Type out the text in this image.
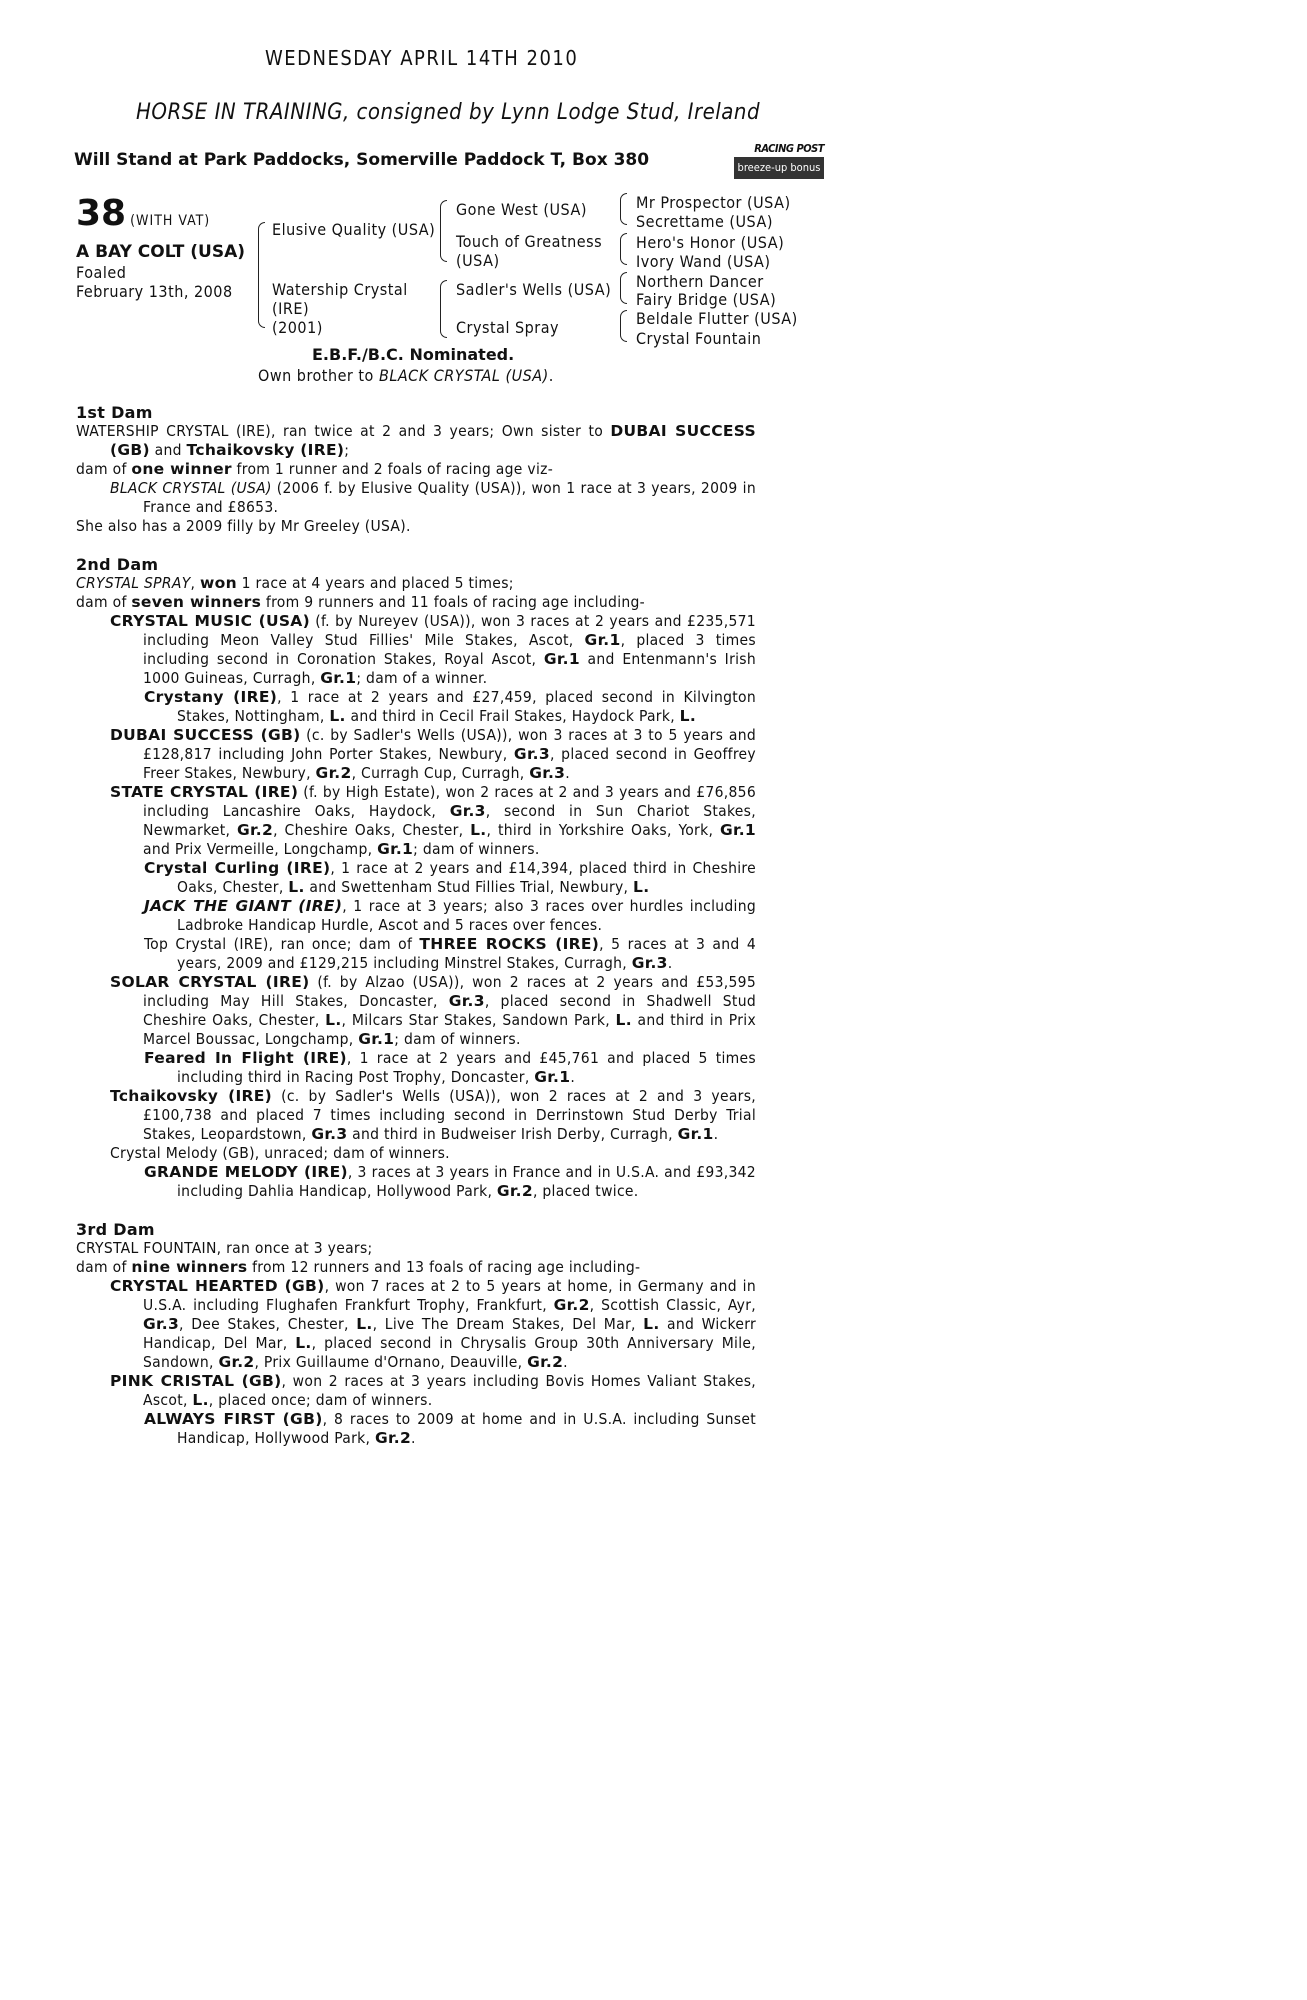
WEDNESDAY APRIL 14TH 2010
HORSE IN TRAINING, consigned by Lynn Lodge Stud, Ireland
Will Stand at Park Paddocks, Somerville Paddock T, Box 380
RACING POST
breeze-up bonus
38 (WITH VAT)
A BAY COLT (USA)
Foaled
February 13th, 2008
Elusive Quality (USA)
Watership Crystal
(IRE)
(2001)
Gone West (USA)
Touch of Greatness
(USA)
Sadler's Wells (USA)
Crystal Spray
Mr Prospector (USA)
Secrettame (USA)
Hero's Honor (USA)
Ivory Wand (USA)
Northern Dancer
Fairy Bridge (USA)
Beldale Flutter (USA)
Crystal Fountain
E.B.F./B.C. Nominated.
Own brother to BLACK CRYSTAL (USA).
1st Dam
WATERSHIP CRYSTAL (IRE), ran twice at 2 and 3 years; Own sister to DUBAI SUCCESS (GB) and Tchaikovsky (IRE);
dam of one winner from 1 runner and 2 foals of racing age viz-
BLACK CRYSTAL (USA) (2006 f. by Elusive Quality (USA)), won 1 race at 3 years, 2009 in France and £8653.
She also has a 2009 filly by Mr Greeley (USA).
2nd Dam
CRYSTAL SPRAY, won 1 race at 4 years and placed 5 times;
dam of seven winners from 9 runners and 11 foals of racing age including-
CRYSTAL MUSIC (USA) (f. by Nureyev (USA)), won 3 races at 2 years and £235,571 including Meon Valley Stud Fillies' Mile Stakes, Ascot, Gr.1, placed 3 times including second in Coronation Stakes, Royal Ascot, Gr.1 and Entenmann's Irish 1000 Guineas, Curragh, Gr.1; dam of a winner.
Crystany (IRE), 1 race at 2 years and £27,459, placed second in Kilvington Stakes, Nottingham, L. and third in Cecil Frail Stakes, Haydock Park, L.
DUBAI SUCCESS (GB) (c. by Sadler's Wells (USA)), won 3 races at 3 to 5 years and £128,817 including John Porter Stakes, Newbury, Gr.3, placed second in Geoffrey Freer Stakes, Newbury, Gr.2, Curragh Cup, Curragh, Gr.3.
STATE CRYSTAL (IRE) (f. by High Estate), won 2 races at 2 and 3 years and £76,856 including Lancashire Oaks, Haydock, Gr.3, second in Sun Chariot Stakes, Newmarket, Gr.2, Cheshire Oaks, Chester, L., third in Yorkshire Oaks, York, Gr.1 and Prix Vermeille, Longchamp, Gr.1; dam of winners.
Crystal Curling (IRE), 1 race at 2 years and £14,394, placed third in Cheshire Oaks, Chester, L. and Swettenham Stud Fillies Trial, Newbury, L.
JACK THE GIANT (IRE), 1 race at 3 years; also 3 races over hurdles including Ladbroke Handicap Hurdle, Ascot and 5 races over fences.
Top Crystal (IRE), ran once; dam of THREE ROCKS (IRE), 5 races at 3 and 4 years, 2009 and £129,215 including Minstrel Stakes, Curragh, Gr.3.
SOLAR CRYSTAL (IRE) (f. by Alzao (USA)), won 2 races at 2 years and £53,595 including May Hill Stakes, Doncaster, Gr.3, placed second in Shadwell Stud Cheshire Oaks, Chester, L., Milcars Star Stakes, Sandown Park, L. and third in Prix Marcel Boussac, Longchamp, Gr.1; dam of winners.
Feared In Flight (IRE), 1 race at 2 years and £45,761 and placed 5 times including third in Racing Post Trophy, Doncaster, Gr.1.
Tchaikovsky (IRE) (c. by Sadler's Wells (USA)), won 2 races at 2 and 3 years, £100,738 and placed 7 times including second in Derrinstown Stud Derby Trial Stakes, Leopardstown, Gr.3 and third in Budweiser Irish Derby, Curragh, Gr.1.
Crystal Melody (GB), unraced; dam of winners.
GRANDE MELODY (IRE), 3 races at 3 years in France and in U.S.A. and £93,342 including Dahlia Handicap, Hollywood Park, Gr.2, placed twice.
3rd Dam
CRYSTAL FOUNTAIN, ran once at 3 years;
dam of nine winners from 12 runners and 13 foals of racing age including-
CRYSTAL HEARTED (GB), won 7 races at 2 to 5 years at home, in Germany and in U.S.A. including Flughafen Frankfurt Trophy, Frankfurt, Gr.2, Scottish Classic, Ayr, Gr.3, Dee Stakes, Chester, L., Live The Dream Stakes, Del Mar, L. and Wickerr Handicap, Del Mar, L., placed second in Chrysalis Group 30th Anniversary Mile, Sandown, Gr.2, Prix Guillaume d'Ornano, Deauville, Gr.2.
PINK CRISTAL (GB), won 2 races at 3 years including Bovis Homes Valiant Stakes, Ascot, L., placed once; dam of winners.
ALWAYS FIRST (GB), 8 races to 2009 at home and in U.S.A. including Sunset Handicap, Hollywood Park, Gr.2.
